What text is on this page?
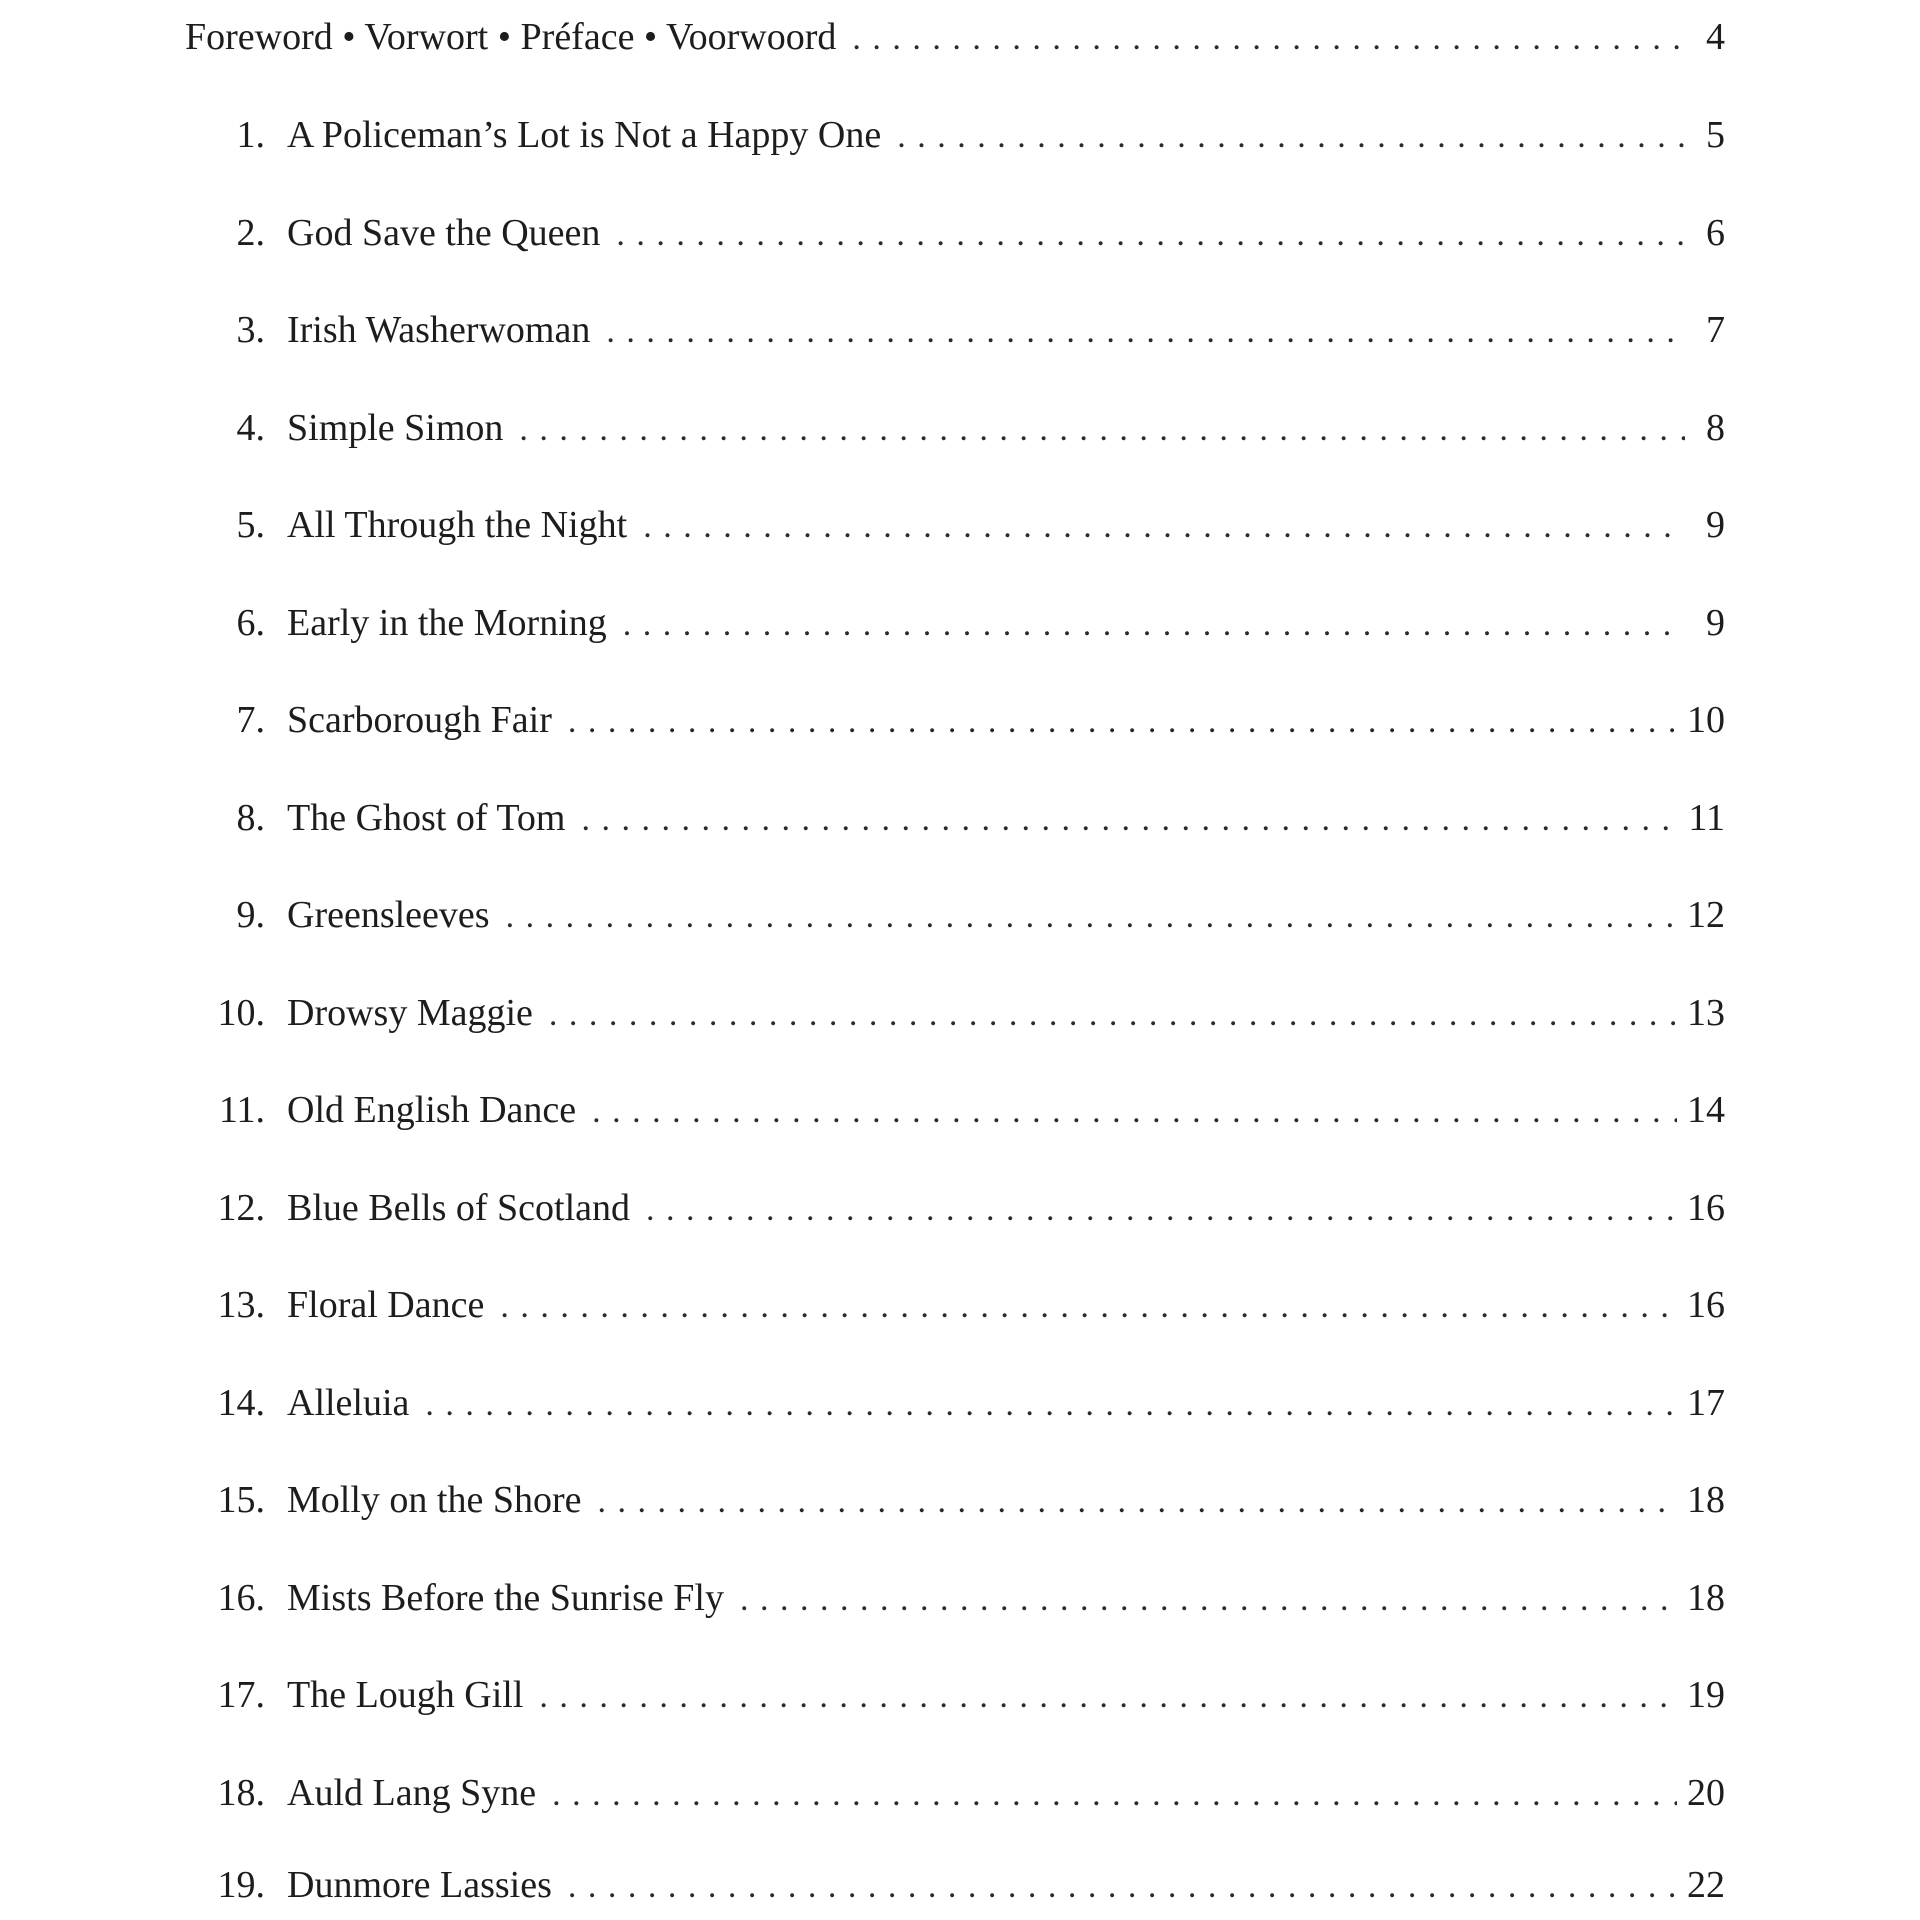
Foreword • Vorwort • Préface • Voorwoord . . .	4
1. A Policeman’s Lot is Not a Happy One . . .	5
2. God Save the Queen . . .	6
3. Irish Washerwoman . . .	7
4. Simple Simon . . .	8
5. All Through the Night . . .	9
6. Early in the Morning . . .	9
7. Scarborough Fair . . .	10
8. The Ghost of Tom . . .	11
9. Greensleeves . . .	12
10. Drowsy Maggie . . .	13
11. Old English Dance . . .	14
12. Blue Bells of Scotland . . .	16
13. Floral Dance . . .	16
14. Alleluia . . .	17
15. Molly on the Shore . . .	18
16. Mists Before the Sunrise Fly . . .	18
17. The Lough Gill . . .	19
18. Auld Lang Syne . . .	20
19. Dunmore Lassies . . .	22
